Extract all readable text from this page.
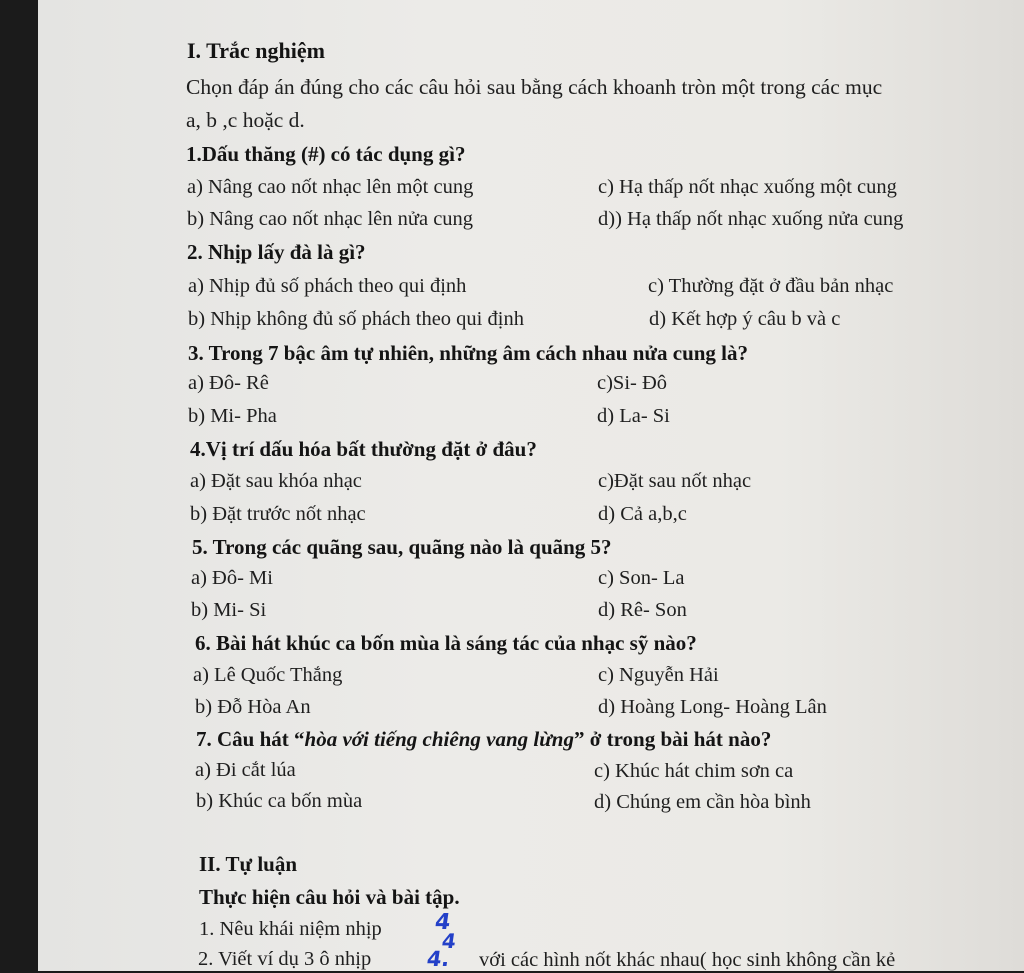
I. Trắc nghiệm
Chọn đáp án đúng cho các câu hỏi sau bằng cách khoanh tròn một trong các mục
a, b ,c hoặc d.
1.Dấu thăng (#) có tác dụng gì?
a) Nâng cao nốt nhạc lên một cung	c) Hạ thấp nốt nhạc xuống một cung
b) Nâng cao nốt nhạc lên nửa cung	d)) Hạ thấp nốt nhạc xuống nửa cung
2. Nhịp lấy đà là gì?
a) Nhịp đủ số phách theo qui định	c) Thường đặt ở đầu bản nhạc
b) Nhịp không đủ số phách theo qui định	d) Kết hợp ý câu b và c
3. Trong 7 bậc âm tự nhiên, những âm cách nhau nửa cung là?
a) Đô- Rê	c)Si- Đô
b) Mi- Pha	d) La- Si
4.Vị trí dấu hóa bất thường đặt ở đâu?
a) Đặt sau khóa nhạc	c)Đặt sau nốt nhạc
b) Đặt trước nốt nhạc	d) Cả a,b,c
5. Trong các quãng sau, quãng nào là quãng 5?
a) Đô- Mi	c) Son- La
b) Mi- Si	d) Rê- Son
6. Bài hát khúc ca bốn mùa là sáng tác của nhạc sỹ nào?
a) Lê Quốc Thắng	c) Nguyễn Hải
b) Đỗ Hòa An	d) Hoàng Long- Hoàng Lân
7. Câu hát “hòa với tiếng chiêng vang lừng” ở trong bài hát nào?
a) Đi cắt lúa	c) Khúc hát chim sơn ca
b) Khúc ca bốn mùa	d) Chúng em cần hòa bình
II. Tự luận
Thực hiện câu hỏi và bài tập.
1. Nêu khái niệm nhịp 4
4
2. Viết ví dụ 3 ô nhịp	4. với các hình nốt khác nhau( học sinh không cần kẻ
